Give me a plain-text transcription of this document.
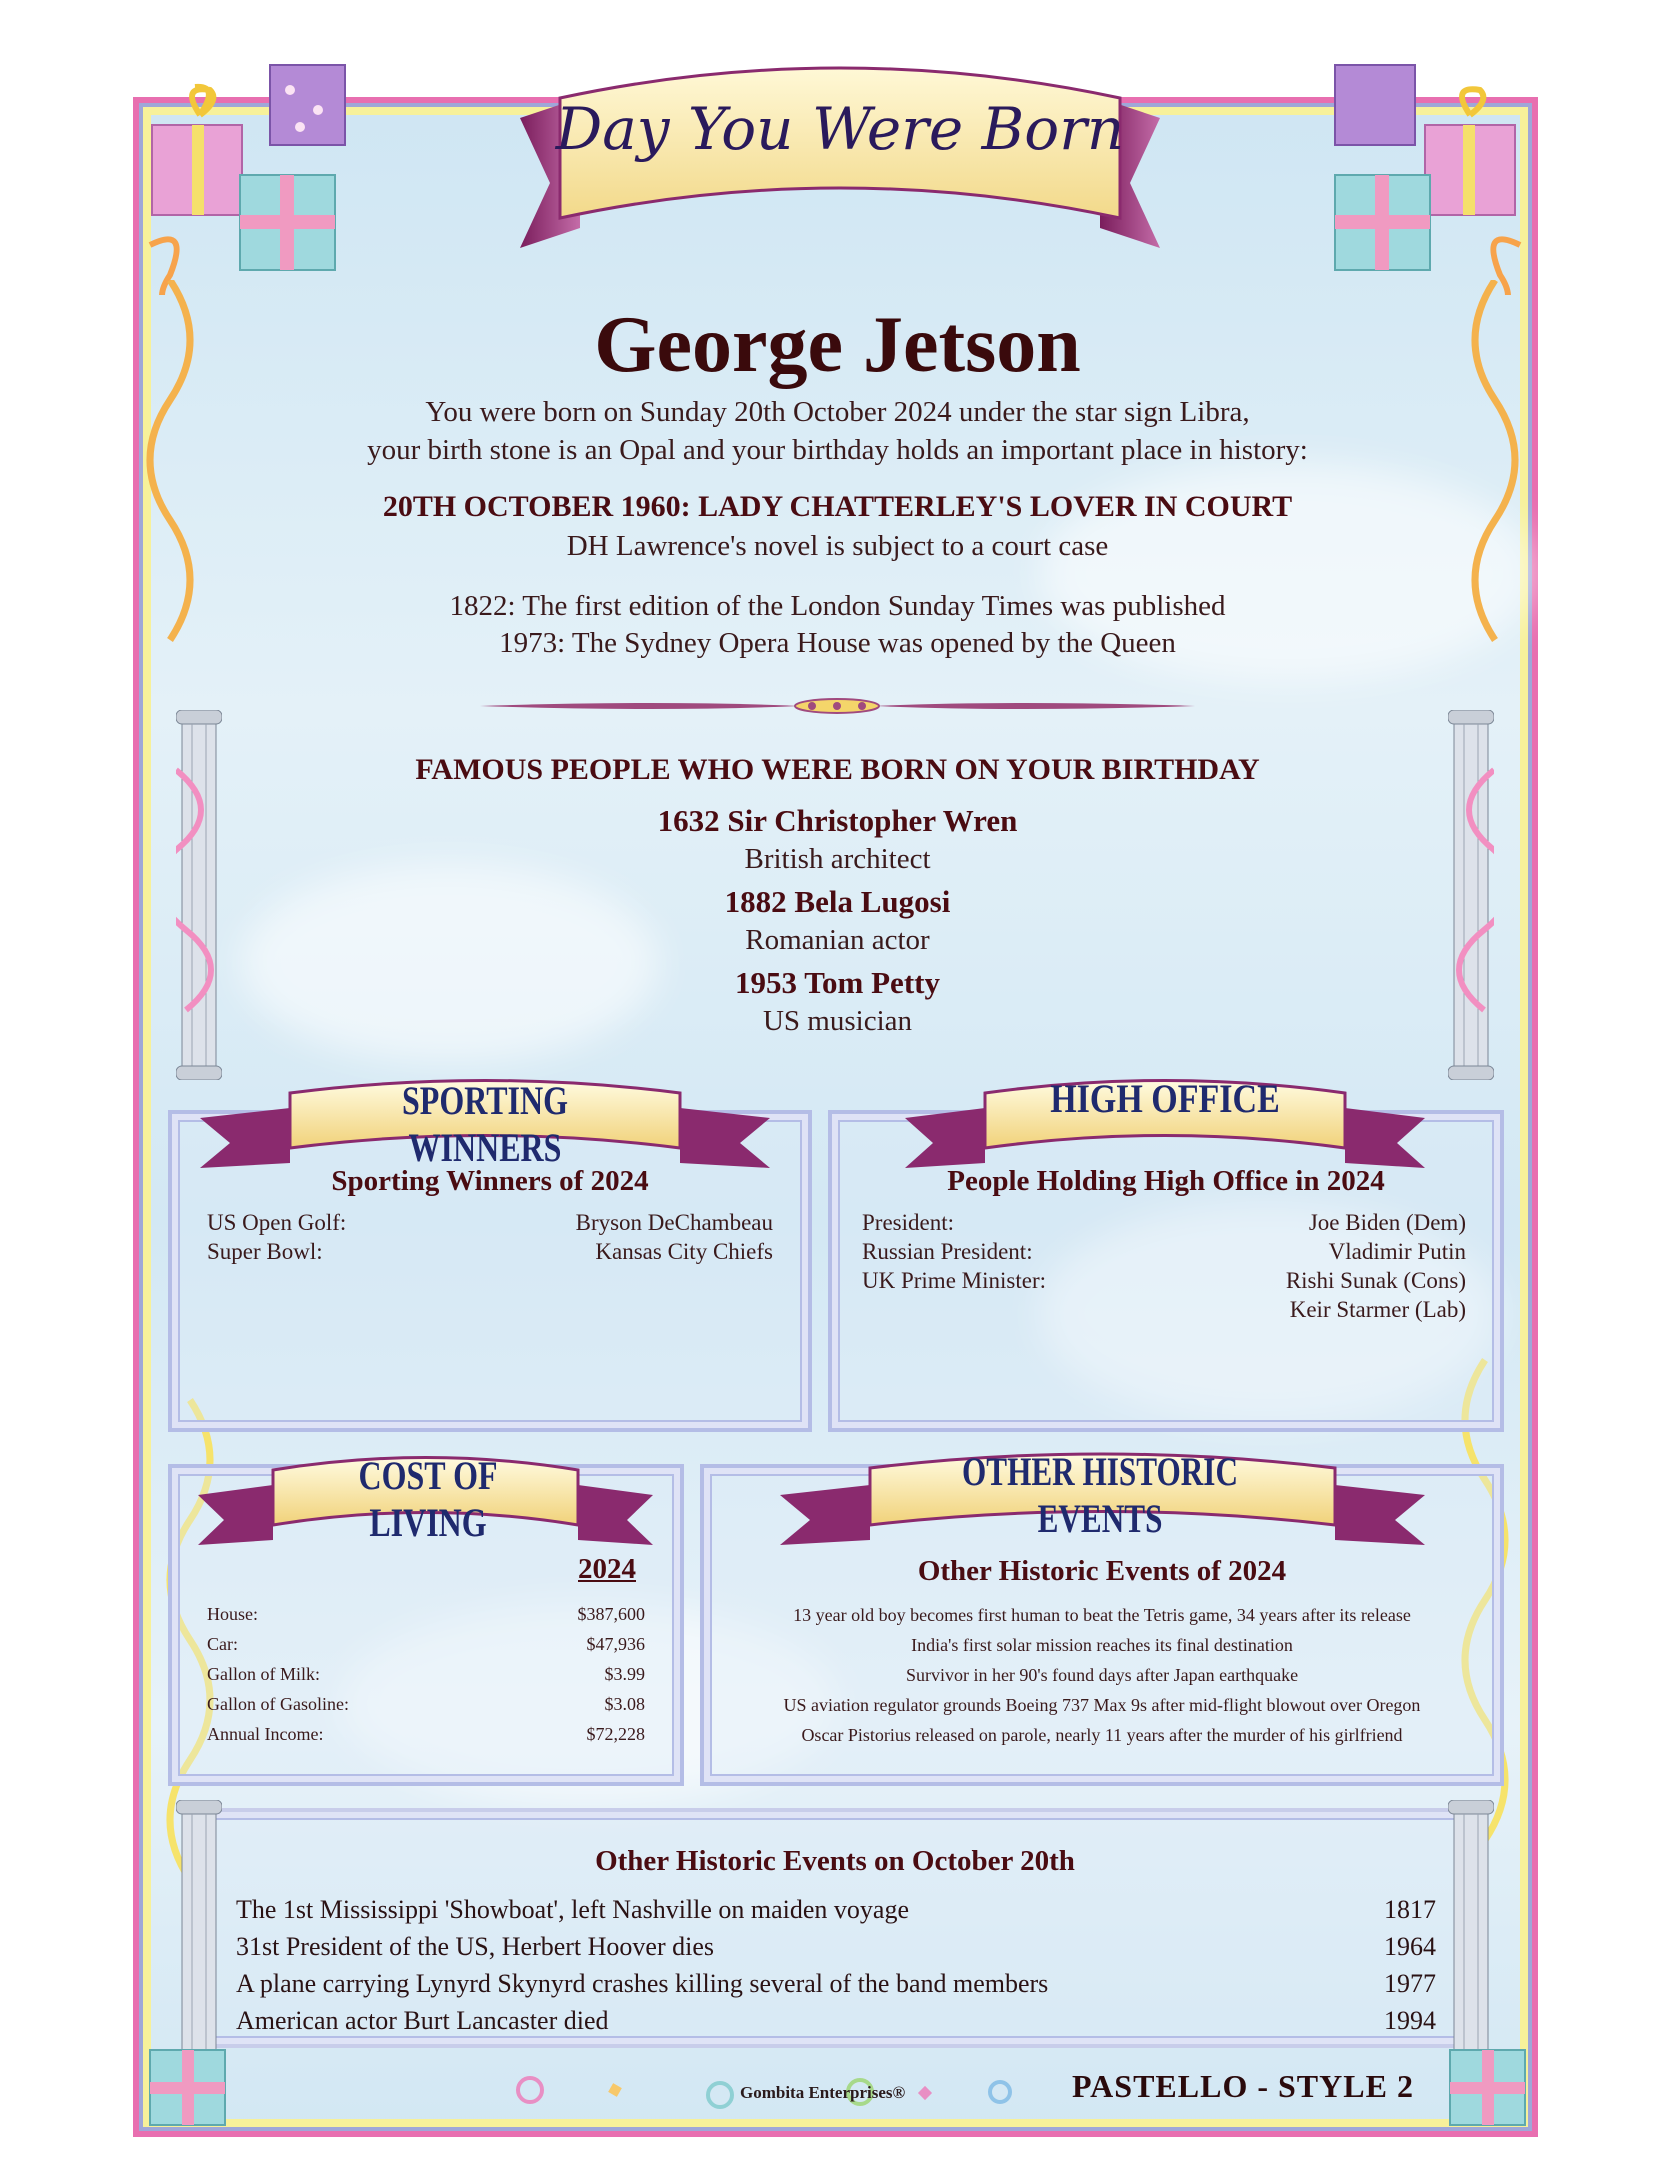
Day You Were Born
George Jetson
You were born on Sunday 20th October 2024 under the star sign Libra,
your birth stone is an Opal and your birthday holds an important place in history:
20TH OCTOBER 1960: LADY CHATTERLEY'S LOVER IN COURT
DH Lawrence's novel is subject to a court case
1822: The first edition of the London Sunday Times was published
1973: The Sydney Opera House was opened by the Queen
FAMOUS PEOPLE WHO WERE BORN ON YOUR BIRTHDAY
1632 Sir Christopher Wren
British architect
1882 Bela Lugosi
Romanian actor
1953 Tom Petty
US musician
SPORTING WINNERS
Sporting Winners of 2024
US Open Golf:	Bryson DeChambeau
Super Bowl:	Kansas City Chiefs
HIGH OFFICE
People Holding High Office in 2024
President:	Joe Biden (Dem)
Russian President:	Vladimir Putin
UK Prime Minister:	Rishi Sunak (Cons)
Keir Starmer (Lab)
COST OF LIVING
2024
House:	$387,600
Car:	$47,936
Gallon of Milk:	$3.99
Gallon of Gasoline:	$3.08
Annual Income:	$72,228
OTHER HISTORIC EVENTS
Other Historic Events of 2024
13 year old boy becomes first human to beat the Tetris game, 34 years after its release
India's first solar mission reaches its final destination
Survivor in her 90's found days after Japan earthquake
US aviation regulator grounds Boeing 737 Max 9s after mid-flight blowout over Oregon
Oscar Pistorius released on parole, nearly 11 years after the murder of his girlfriend
Other Historic Events on October 20th
The 1st Mississippi 'Showboat', left Nashville on maiden voyage	1817
31st President of the US, Herbert Hoover dies	1964
A plane carrying Lynyrd Skynyrd crashes killing several of the band members	1977
American actor Burt Lancaster died	1994
Gombita Enterprises®	PASTELLO - STYLE 2
